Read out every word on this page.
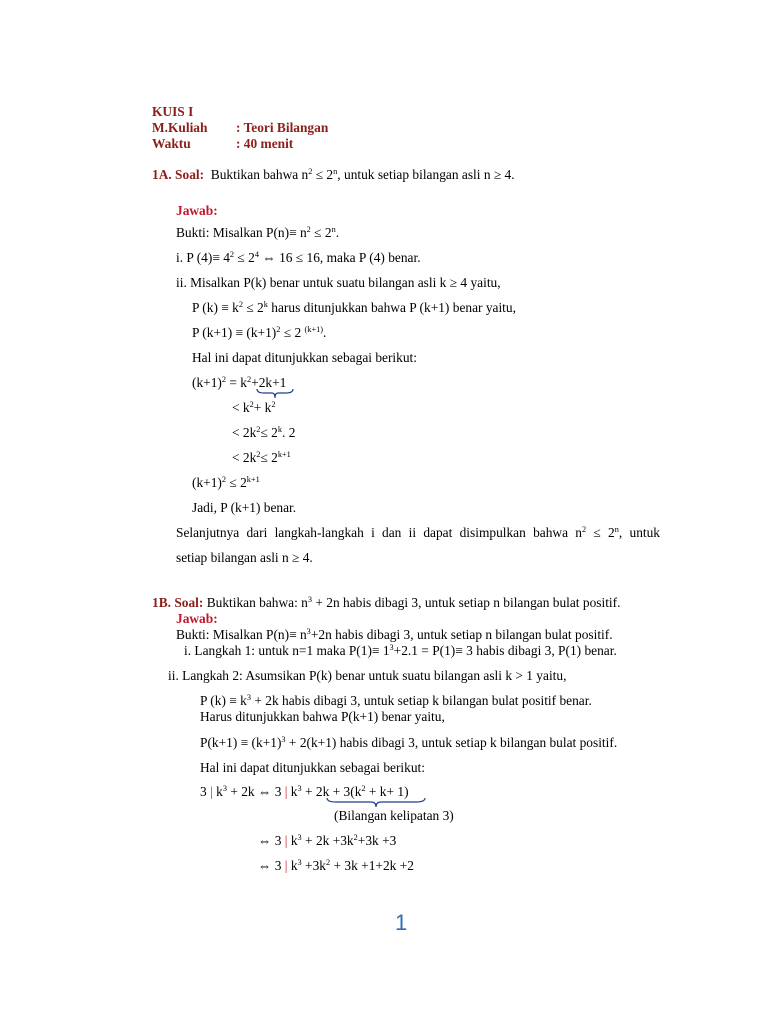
KUIS I
M.Kuliah : Teori Bilangan
Waktu	: 40 menit
1A. Soal: Buktikan bahwa $n^2 \le 2^n$, untuk setiap bilangan asli n ≥ 4.
Jawab:
Bukti: Misalkan $P(n)\equiv n^2 \le 2^n$.
i. P $(4)\equiv 4^2 \le 2^4$ ⇔ 16 ≤ 16, maka P (4) benar.
ii. Misalkan P(k) benar untuk suatu bilangan asli k ≥ 4 yaitu,
P $(k) \equiv k^2 \le 2^k$ harus ditunjukkan bahwa P (k+1) benar yaitu,
P $(k+1) \equiv (k+1)^2 \le 2$ $^{(k+1)}$.
Hal ini dapat ditunjukkan sebagai berikut:
$(k+1)^2 = k^2+2k+1$
< $k^2+ k^2$
< $2k^2\le 2^k$. 2
< $2k^2\le 2^{k+1}$
$(k+1)^2 \le 2^{k+1}$
Jadi, P (k+1) benar.
Selanjutnya dari langkah-langkah i dan ii dapat disimpulkan bahwa $n^2 \le 2^n$, untuk
setiap bilangan asli n ≥ 4.
1B. Soal: Buktikan bahwa: $n^3 + 2n$ habis dibagi 3, untuk setiap n bilangan bulat positif.
Jawab:
Bukti: Misalkan $P(n)\equiv n^3+2n$ habis dibagi 3, untuk setiap n bilangan bulat positif.
i. Langkah 1: untuk n=1 maka $P(1)\equiv 1^3+2.1 = P(1)\equiv 3$ habis dibagi 3, P(1) benar.
ii. Langkah 2: Asumsikan P(k) benar untuk suatu bilangan asli k > 1 yaitu,
P $(k) \equiv k^3 + 2k$ habis dibagi 3, untuk setiap k bilangan bulat positif benar.
Harus ditunjukkan bahwa P(k+1) benar yaitu,
$P(k+1) \equiv (k+1)^3 + 2(k+1)$ habis dibagi 3, untuk setiap k bilangan bulat positif.
Hal ini dapat ditunjukkan sebagai berikut:
3 | $k^3 + 2k$ ⇔ 3 | $k^3 + 2k + 3(k^2 + k+ 1)$
(Bilangan kelipatan 3)
⇔ 3 | $k^3 + 2k +3k^2+3k +3$
⇔ 3 | $k^3 +3k^2 + 3k +1+2k +2$
1
